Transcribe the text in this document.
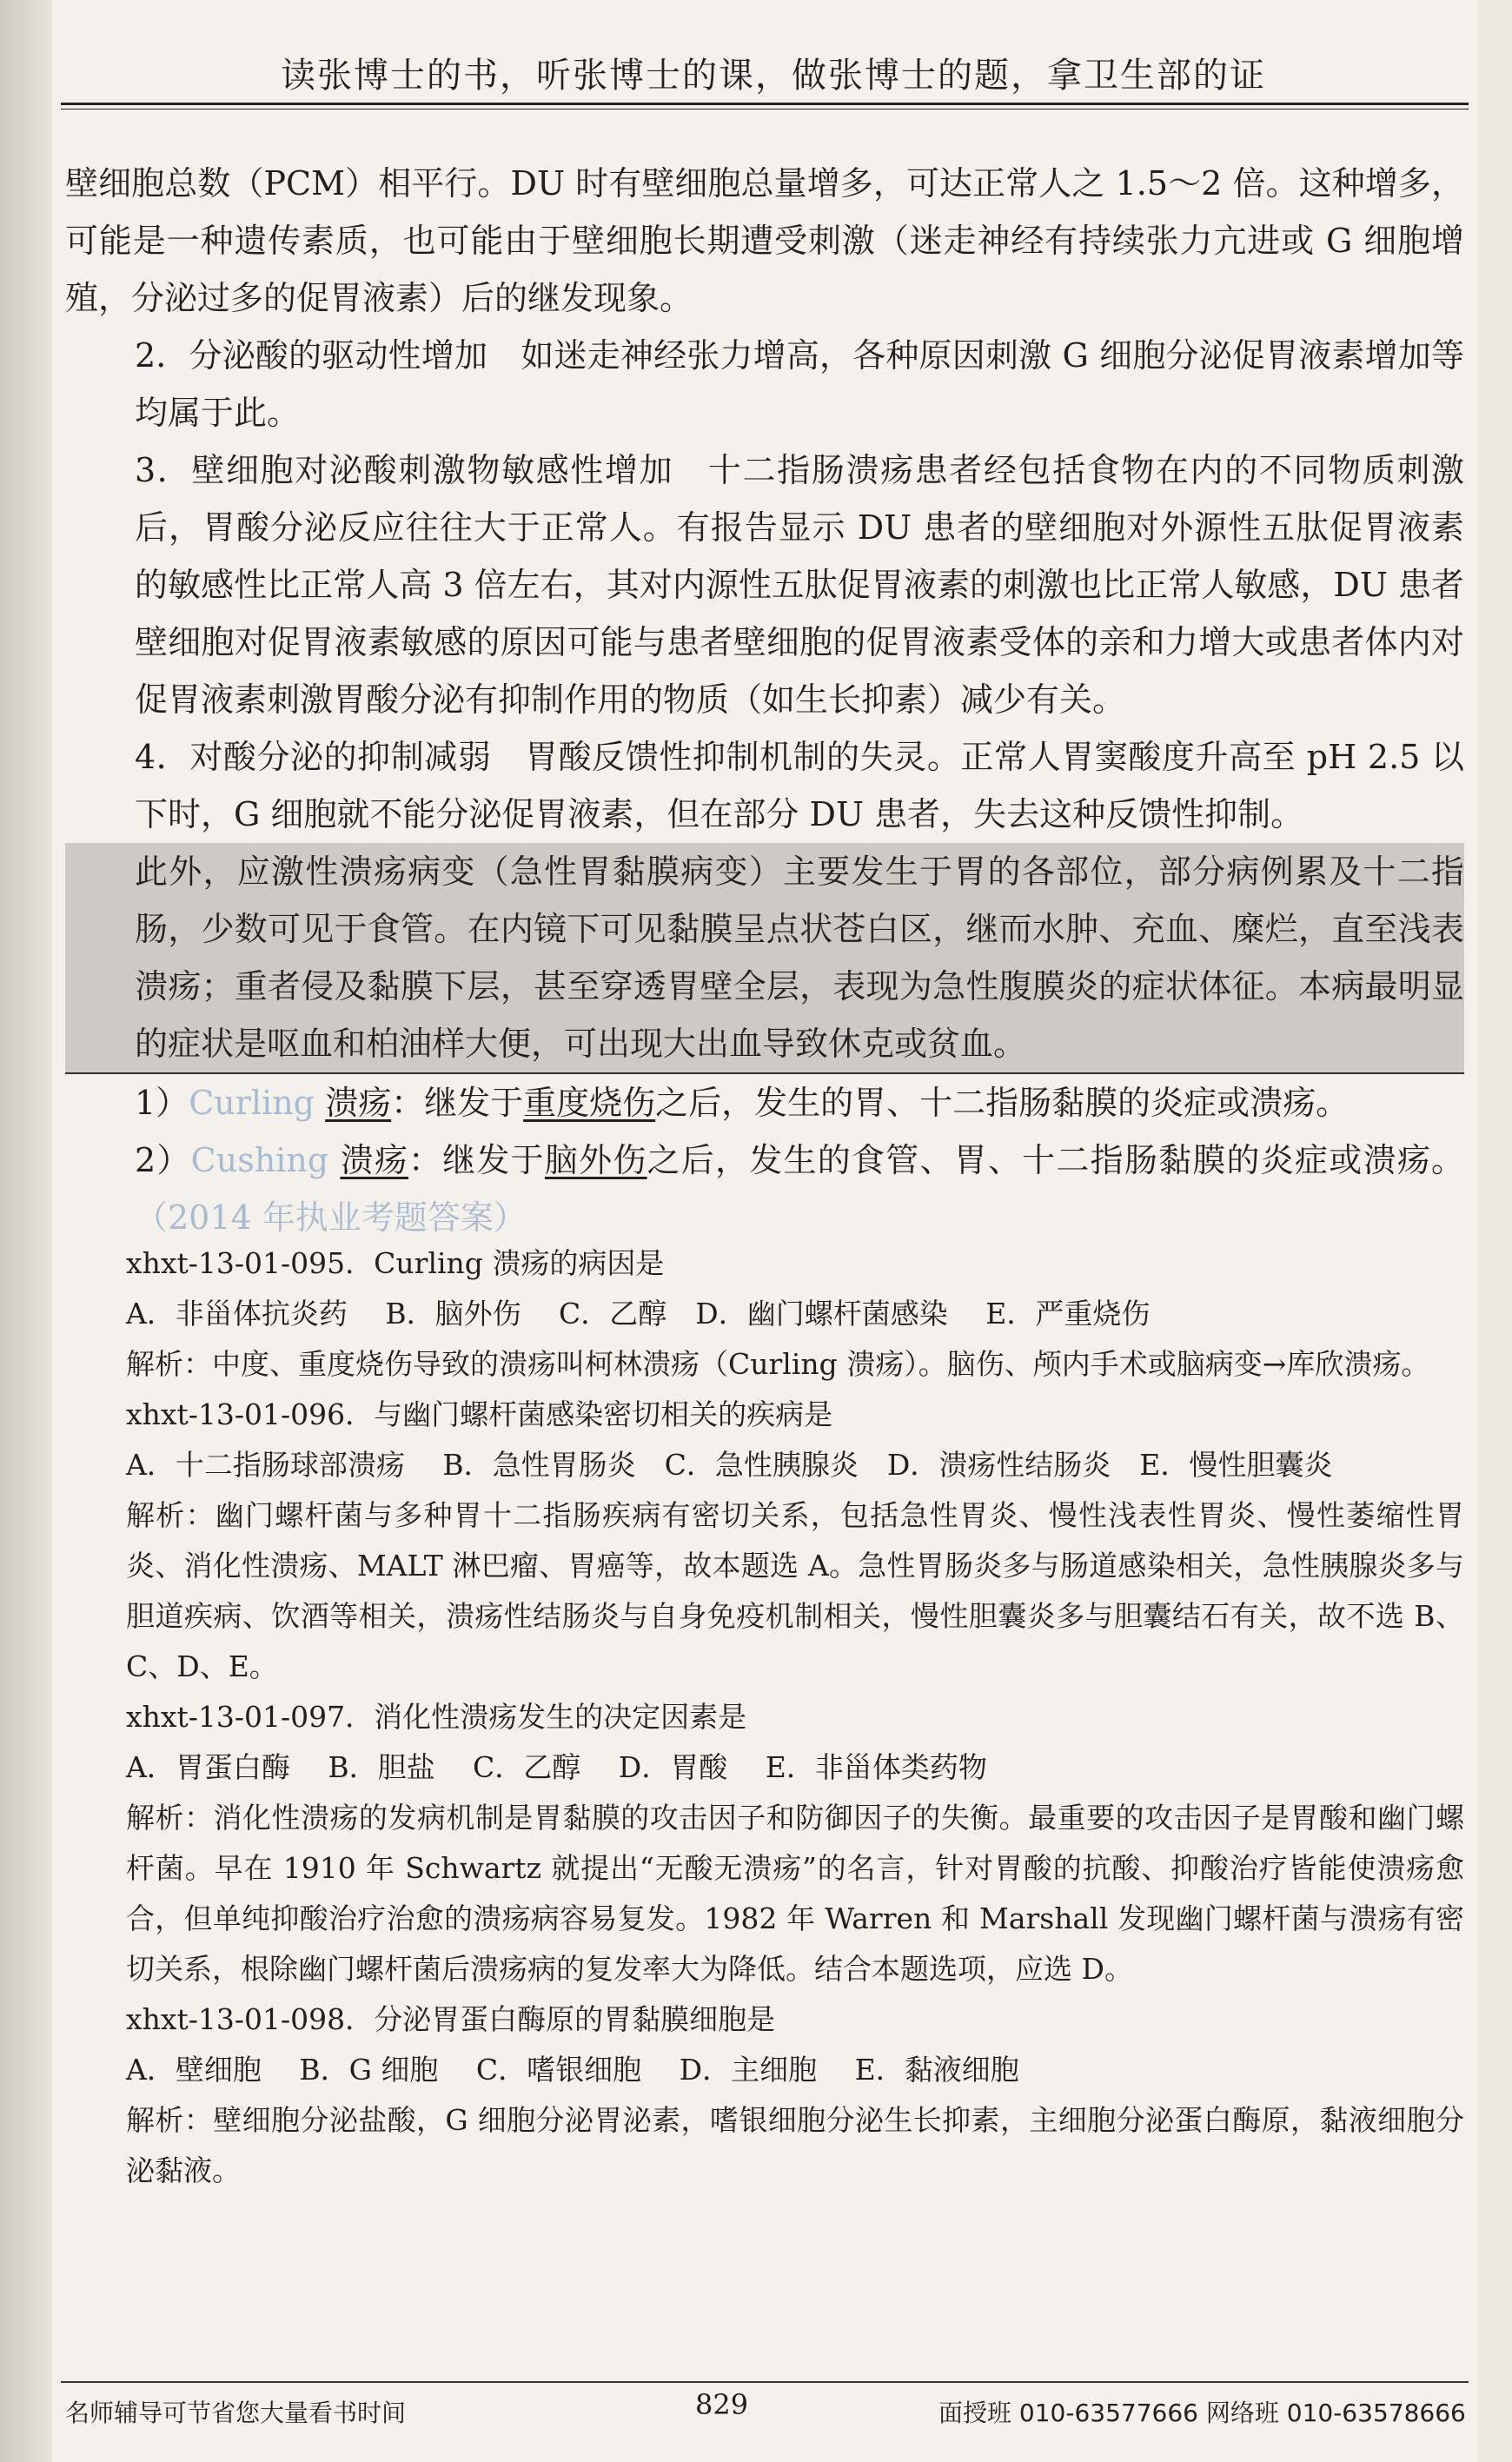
读张博士的书，听张博士的课，做张博士的题，拿卫生部的证

壁细胞总数（PCM）相平行。DU 时有壁细胞总量增多，可达正常人之 1.5～2 倍。这种增多，可能是一种遗传素质，也可能由于壁细胞长期遭受刺激（迷走神经有持续张力亢进或 G 细胞增殖，分泌过多的促胃液素）后的继发现象。

2．分泌酸的驱动性增加　如迷走神经张力增高，各种原因刺激 G 细胞分泌促胃液素增加等均属于此。

3．壁细胞对泌酸刺激物敏感性增加　十二指肠溃疡患者经包括食物在内的不同物质刺激后，胃酸分泌反应往往大于正常人。有报告显示 DU 患者的壁细胞对外源性五肽促胃液素的敏感性比正常人高 3 倍左右，其对内源性五肽促胃液素的刺激也比正常人敏感，DU 患者壁细胞对促胃液素敏感的原因可能与患者壁细胞的促胃液素受体的亲和力增大或患者体内对促胃液素刺激胃酸分泌有抑制作用的物质（如生长抑素）减少有关。

4．对酸分泌的抑制减弱　胃酸反馈性抑制机制的失灵。正常人胃窦酸度升高至 pH 2.5 以下时，G 细胞就不能分泌促胃液素，但在部分 DU 患者，失去这种反馈性抑制。

此外，应激性溃疡病变（急性胃黏膜病变）主要发生于胃的各部位，部分病例累及十二指肠，少数可见于食管。在内镜下可见黏膜呈点状苍白区，继而水肿、充血、糜烂，直至浅表溃疡；重者侵及黏膜下层，甚至穿透胃壁全层，表现为急性腹膜炎的症状体征。本病最明显的症状是呕血和柏油样大便，可出现大出血导致休克或贫血。

1）Curling 溃疡：继发于重度烧伤之后，发生的胃、十二指肠黏膜的炎症或溃疡。

2）Cushing 溃疡：继发于脑外伤之后，发生的食管、胃、十二指肠黏膜的炎症或溃疡。（2014 年执业考题答案）

xhxt-13-01-095．Curling 溃疡的病因是

A．非甾体抗炎药　 B．脑外伤　 C．乙醇　D．幽门螺杆菌感染　 E．严重烧伤

解析：中度、重度烧伤导致的溃疡叫柯林溃疡（Curling 溃疡）。脑伤、颅内手术或脑病变→库欣溃疡。

xhxt-13-01-096．与幽门螺杆菌感染密切相关的疾病是

A．十二指肠球部溃疡　 B．急性胃肠炎　C．急性胰腺炎　D．溃疡性结肠炎　E．慢性胆囊炎

解析：幽门螺杆菌与多种胃十二指肠疾病有密切关系，包括急性胃炎、慢性浅表性胃炎、慢性萎缩性胃炎、消化性溃疡、MALT 淋巴瘤、胃癌等，故本题选 A。急性胃肠炎多与肠道感染相关，急性胰腺炎多与胆道疾病、饮酒等相关，溃疡性结肠炎与自身免疫机制相关，慢性胆囊炎多与胆囊结石有关，故不选 B、C、D、E。

xhxt-13-01-097．消化性溃疡发生的决定因素是

A．胃蛋白酶　 B．胆盐　 C．乙醇　 D．胃酸　 E．非甾体类药物

解析：消化性溃疡的发病机制是胃黏膜的攻击因子和防御因子的失衡。最重要的攻击因子是胃酸和幽门螺杆菌。早在 1910 年 Schwartz 就提出“无酸无溃疡”的名言，针对胃酸的抗酸、抑酸治疗皆能使溃疡愈合，但单纯抑酸治疗治愈的溃疡病容易复发。1982 年 Warren 和 Marshall 发现幽门螺杆菌与溃疡有密切关系，根除幽门螺杆菌后溃疡病的复发率大为降低。结合本题选项，应选 D。

xhxt-13-01-098．分泌胃蛋白酶原的胃黏膜细胞是

A．壁细胞　 B．G 细胞　 C．嗜银细胞　 D．主细胞　 E．黏液细胞

解析：壁细胞分泌盐酸，G 细胞分泌胃泌素，嗜银细胞分泌生长抑素，主细胞分泌蛋白酶原，黏液细胞分泌黏液。

名师辅导可节省您大量看书时间	829	面授班 010-63577666 网络班 010-63578666
